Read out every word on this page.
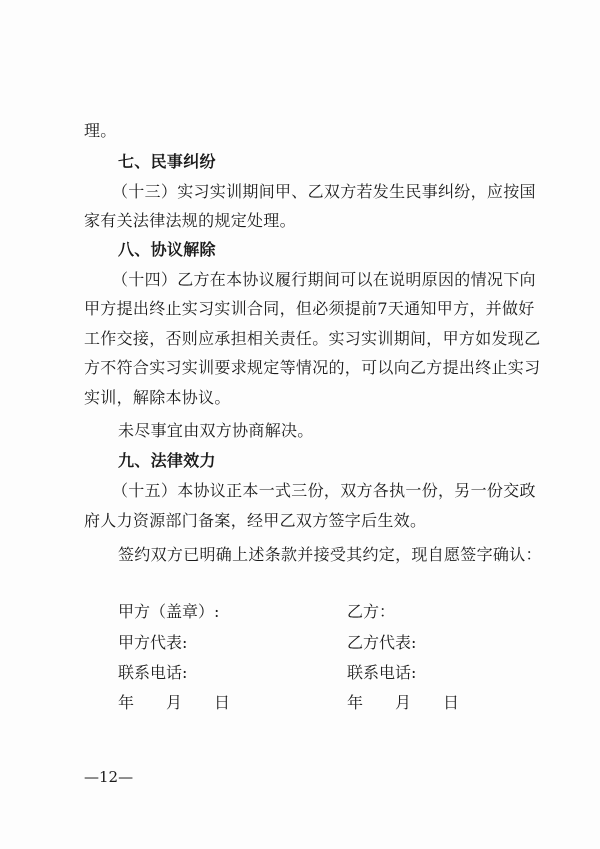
理。
七、民事纠纷
（十三）实习实训期间甲、乙双方若发生民事纠纷，应按国
家有关法律法规的规定处理。
八、协议解除
（十四）乙方在本协议履行期间可以在说明原因的情况下向
甲方提出终止实习实训合同，但必须提前7天通知甲方，并做好
工作交接，否则应承担相关责任。实习实训期间，甲方如发现乙
方不符合实习实训要求规定等情况的，可以向乙方提出终止实习
实训，解除本协议。
未尽事宜由双方协商解决。
九、法律效力
（十五）本协议正本一式三份，双方各执一份，另一份交政
府人力资源部门备案，经甲乙双方签字后生效。
签约双方已明确上述条款并接受其约定，现自愿签字确认：
甲方（盖章）:	乙方：
甲方代表:	乙方代表:
联系电话:	联系电话:
年　　月　　日	年　　月　　日
—12—
